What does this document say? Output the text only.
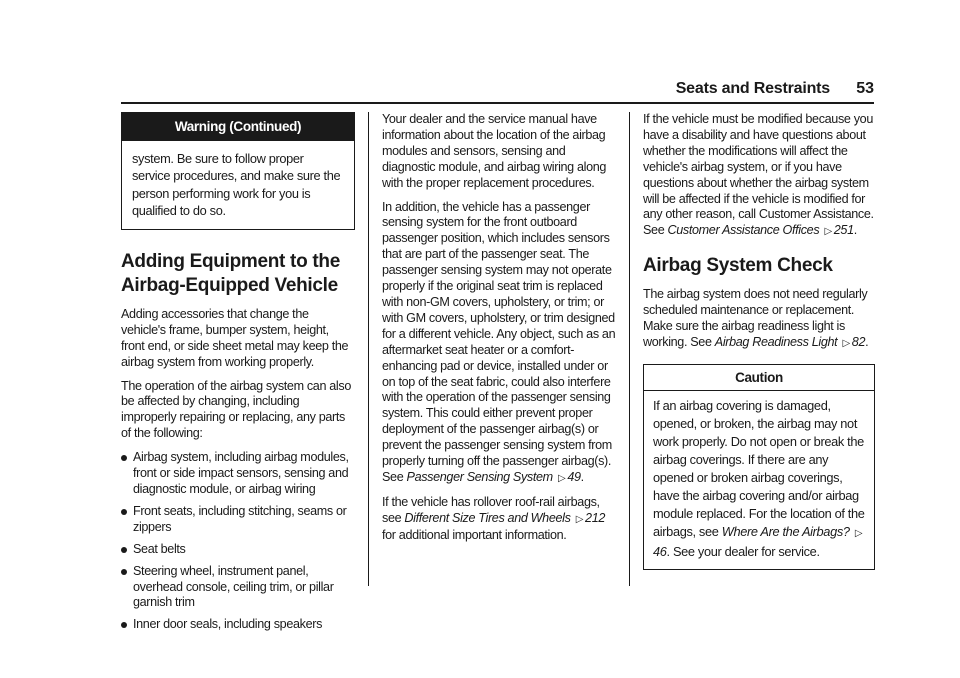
Seats and Restraints 53
Warning (Continued)
system. Be sure to follow proper service procedures, and make sure the person performing work for you is qualified to do so.
Adding Equipment to the Airbag-Equipped Vehicle

Adding accessories that change the vehicle's frame, bumper system, height, front end, or side sheet metal may keep the airbag system from working properly.

The operation of the airbag system can also be affected by changing, including improperly repairing or replacing, any parts of the following:

Airbag system, including airbag modules, front or side impact sensors, sensing and diagnostic module, or airbag wiring
Front seats, including stitching, seams or zippers
Seat belts
Steering wheel, instrument panel, overhead console, ceiling trim, or pillar garnish trim
Inner door seals, including speakers

Your dealer and the service manual have information about the location of the airbag modules and sensors, sensing and diagnostic module, and airbag wiring along with the proper replacement procedures.

In addition, the vehicle has a passenger sensing system for the front outboard passenger position, which includes sensors that are part of the passenger seat. The passenger sensing system may not operate properly if the original seat trim is replaced with non-GM covers, upholstery, or trim; or with GM covers, upholstery, or trim designed for a different vehicle. Any object, such as an aftermarket seat heater or a comfort-enhancing pad or device, installed under or on top of the seat fabric, could also interfere with the operation of the passenger sensing system. This could either prevent proper deployment of the passenger airbag(s) or prevent the passenger sensing system from properly turning off the passenger airbag(s). See Passenger Sensing System ▷ 49.

If the vehicle has rollover roof-rail airbags, see Different Size Tires and Wheels ▷ 212 for additional important information.

If the vehicle must be modified because you have a disability and have questions about whether the modifications will affect the vehicle's airbag system, or if you have questions about whether the airbag system will be affected if the vehicle is modified for any other reason, call Customer Assistance. See Customer Assistance Offices ▷ 251.

Airbag System Check

The airbag system does not need regularly scheduled maintenance or replacement. Make sure the airbag readiness light is working. See Airbag Readiness Light ▷ 82.

Caution
If an airbag covering is damaged, opened, or broken, the airbag may not work properly. Do not open or break the airbag coverings. If there are any opened or broken airbag coverings, have the airbag covering and/or airbag module replaced. For the location of the airbags, see Where Are the Airbags? ▷46. See your dealer for service.
